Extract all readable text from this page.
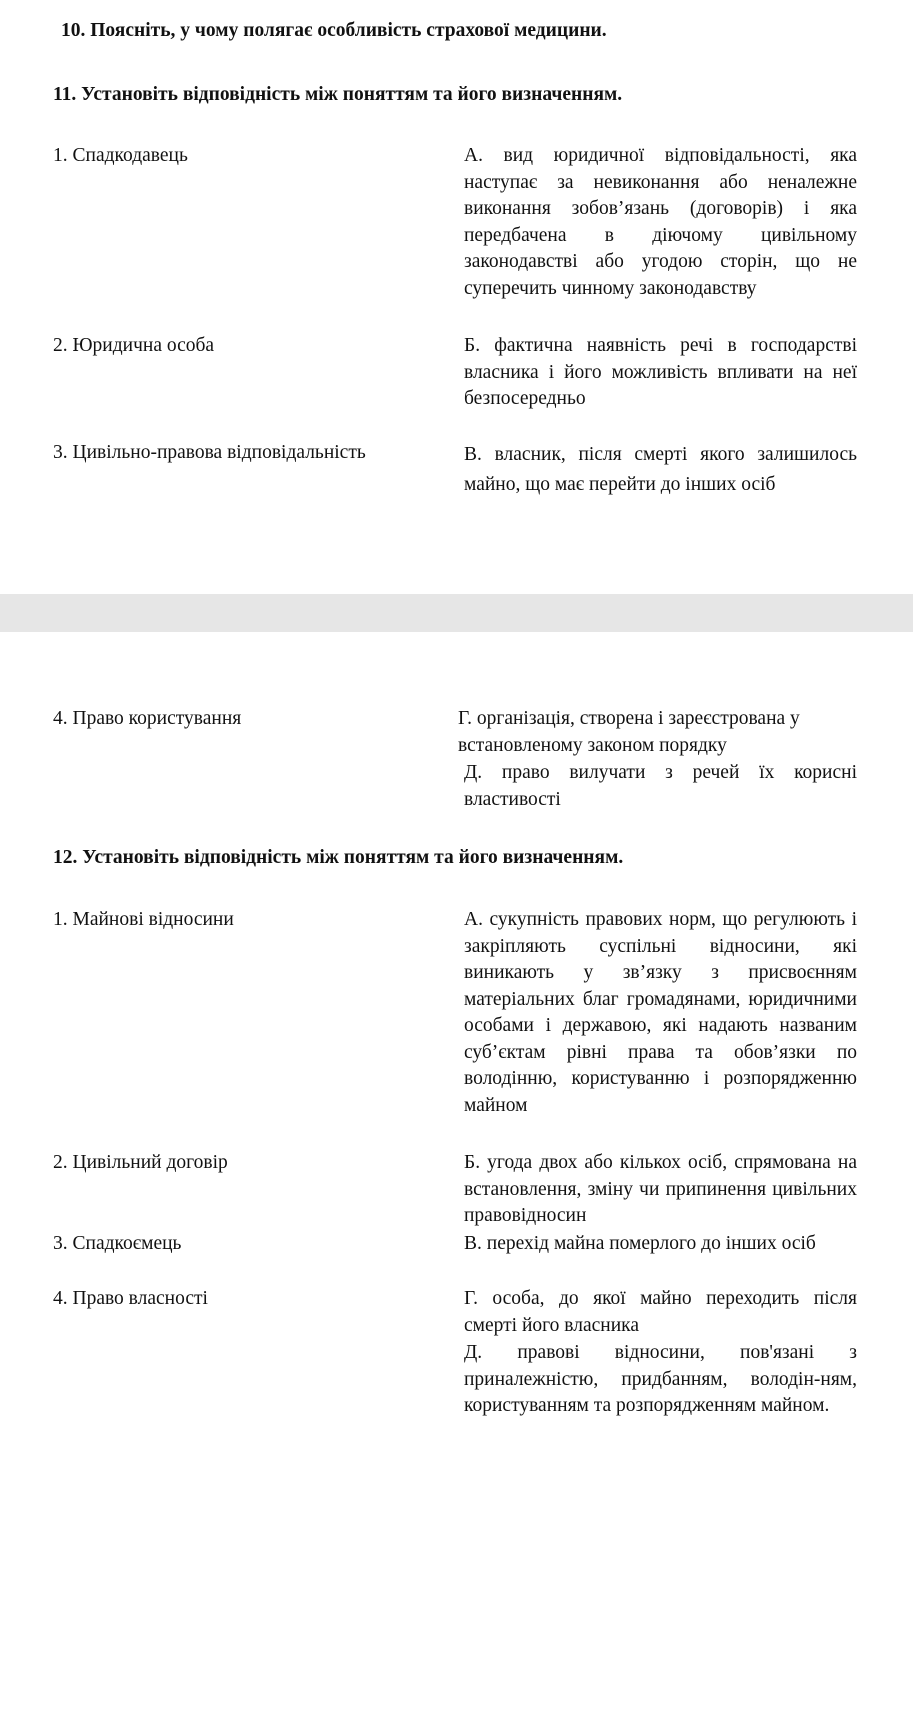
10. Поясніть, у чому полягає особливість страхової медицини.
11. Установіть відповідність між поняттям та його визначенням.
1. Спадкодавець
2. Юридична особа
3. Цивільно-правова відповідальність
4. Право користування
А. вид юридичної відповідальності, яка наступає за невиконання або неналежне виконання зобов’язань (договорів) і яка передбачена в діючому цивільному законодавстві або угодою сторін, що не суперечить чинному законодавству
Б. фактична наявність речі в господарстві власника і його можливість впливати на неї безпосередньо
В. власник, після смерті якого залишилось майно, що має перейти до інших осіб
Г. організація, створена і зареєстрована у встановленому законом порядку
Д. право вилучати з речей їх корисні властивості
12. Установіть відповідність між поняттям та його визначенням.
1. Майнові відносини
2. Цивільний договір
3. Спадкоємець
4. Право власності
А. сукупність правових норм, що регулюють і закріпляють суспільні відносини, які виникають у зв’язку з присвоєнням матеріальних благ громадянами, юридичними особами і державою, які надають названим суб’єктам рівні права та обов’язки по володінню, користуванню і розпорядженню майном
Б. угода двох або кількох осіб, спрямована на встановлення, зміну чи припинення цивільних правовідносин
В. перехід майна померлого до інших осіб
Г. особа, до якої майно переходить після смерті його власника
Д. правові відносини, пов'язані з приналежністю, придбанням, володін-ням, користуванням та розпорядженням майном.
